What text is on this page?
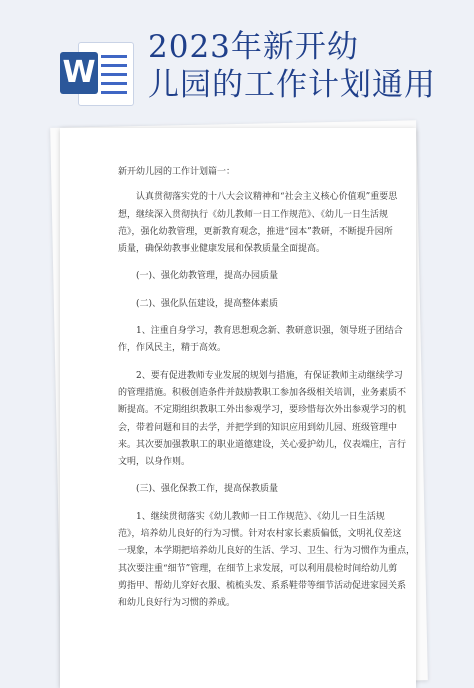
W
2023年新开幼
儿园的工作计划通用

新开幼儿园的工作计划篇一：

认真贯彻落实党的十八大会议精神和“社会主义核心价值观”重要思

想，继续深入贯彻执行《幼儿教师一日工作规范》、《幼儿一日生活规

范》，强化幼教管理，更新教育观念，推进“园本”教研，不断提升园所

质量，确保幼教事业健康发展和保教质量全面提高。

(一)、强化幼教管理，提高办园质量

(二)、强化队伍建设，提高整体素质

1、注重自身学习，教育思想观念新、教研意识强，领导班子团结合

作，作风民主，精于高效。

2、要有促进教师专业发展的规划与措施，有保证教师主动继续学习

的管理措施。积极创造条件并鼓励教职工参加各级相关培训，业务素质不

断提高。不定期组织教职工外出参观学习，要珍惜每次外出参观学习的机

会，带着问题和目的去学，并把学到的知识应用到幼儿园、班级管理中

来。其次要加强教职工的职业道德建设，关心爱护幼儿，仪表端庄，言行

文明，以身作则。

(三)、强化保教工作，提高保教质量

1、继续贯彻落实《幼儿教师一日工作规范》、《幼儿一日生活规

范》，培养幼儿良好的行为习惯。针对农村家长素质偏低，文明礼仪差这

一现象，本学期把培养幼儿良好的生活、学习、卫生、行为习惯作为重点，

其次要注重“细节”管理，在细节上求发展，可以利用晨检时间给幼儿剪

剪指甲、帮幼儿穿好衣服、梳梳头发、系系鞋带等细节活动促进家园关系

和幼儿良好行为习惯的养成。
